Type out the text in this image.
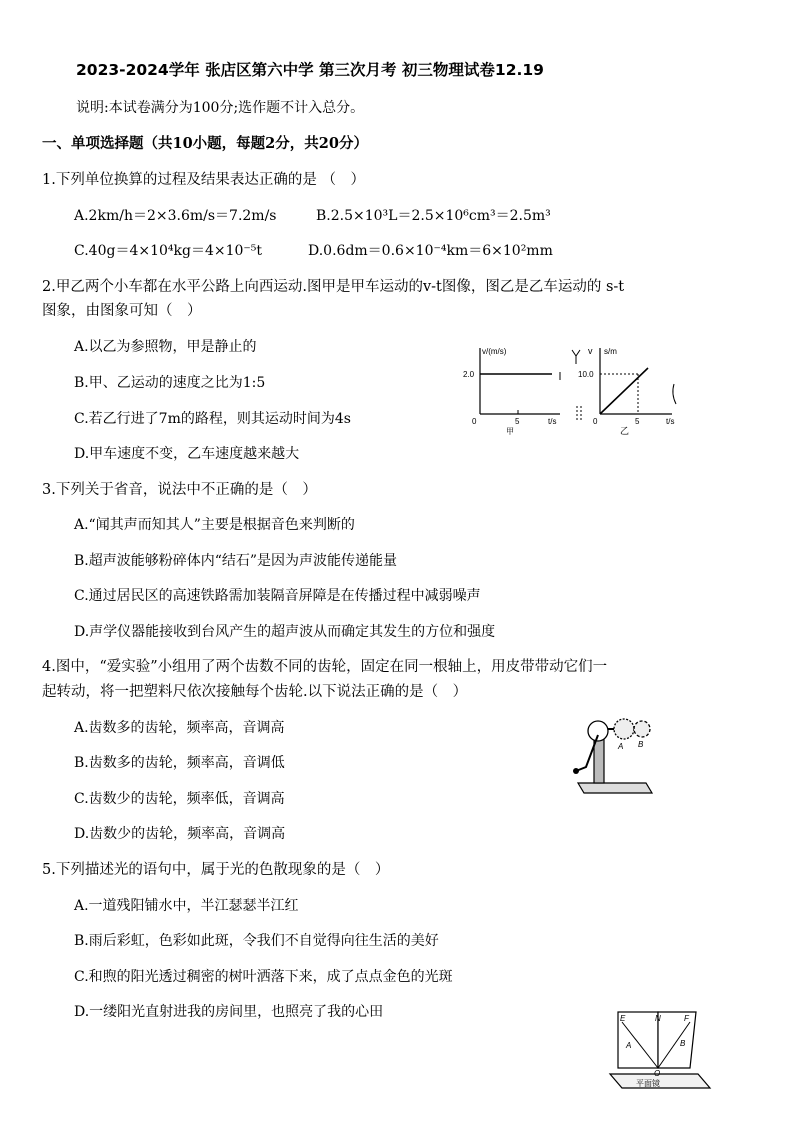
2023-2024学年 张店区第六中学 第三次月考 初三物理试卷12.19
说明:本试卷满分为100分;选作题不计入总分。
一、单项选择题（共10小题，每题2分，共20分）
1.下列单位换算的过程及结果表达正确的是 （　）
A.2km/h＝2×3.6m/s＝7.2m/s	B.2.5×10³L＝2.5×10⁶cm³＝2.5m³
C.40g＝4×10⁴kg＝4×10⁻⁵t	D.0.6dm＝0.6×10⁻⁴km＝6×10²mm
2.甲乙两个小车都在水平公路上向西运动.图甲是甲车运动的v-t图像，图乙是乙车运动的 s-t
图象，由图象可知（　）
A.以乙为参照物，甲是静止的
B.甲、乙运动的速度之比为1:5
C.若乙行进了7m的路程，则其运动时间为4s
D.甲车速度不变，乙车速度越来越大
v/(m/s)
2.0
5	t/s
0
甲
v s/m
10.0
5	t/s
0
乙
3.下列关于省音，说法中不正确的是（　）
A.“闻其声而知其人”主要是根据音色来判断的
B.超声波能够粉碎体内“结石”是因为声波能传递能量
C.通过居民区的高速铁路需加装隔音屏障是在传播过程中减弱噪声
D.声学仪器能接收到台风产生的超声波从而确定其发生的方位和强度
4.图中，“爱实验”小组用了两个齿数不同的齿轮，固定在同一根轴上，用皮带带动它们一
起转动，将一把塑料尺依次接触每个齿轮.以下说法正确的是（　）
A.齿数多的齿轮，频率高，音调高
B.齿数多的齿轮，频率高，音调低
C.齿数少的齿轮，频率低，音调高
D.齿数少的齿轮，频率高，音调高
A B
5.下列描述光的语句中，属于光的色散现象的是（　）
A.一道残阳铺水中，半江瑟瑟半江红
B.雨后彩虹，色彩如此斑，令我们不自觉得向往生活的美好
C.和煦的阳光透过稠密的树叶洒落下来，成了点点金色的光斑
D.一缕阳光直射进我的房间里，也照亮了我的心田	E	N	F
A	B
O
平面镜
